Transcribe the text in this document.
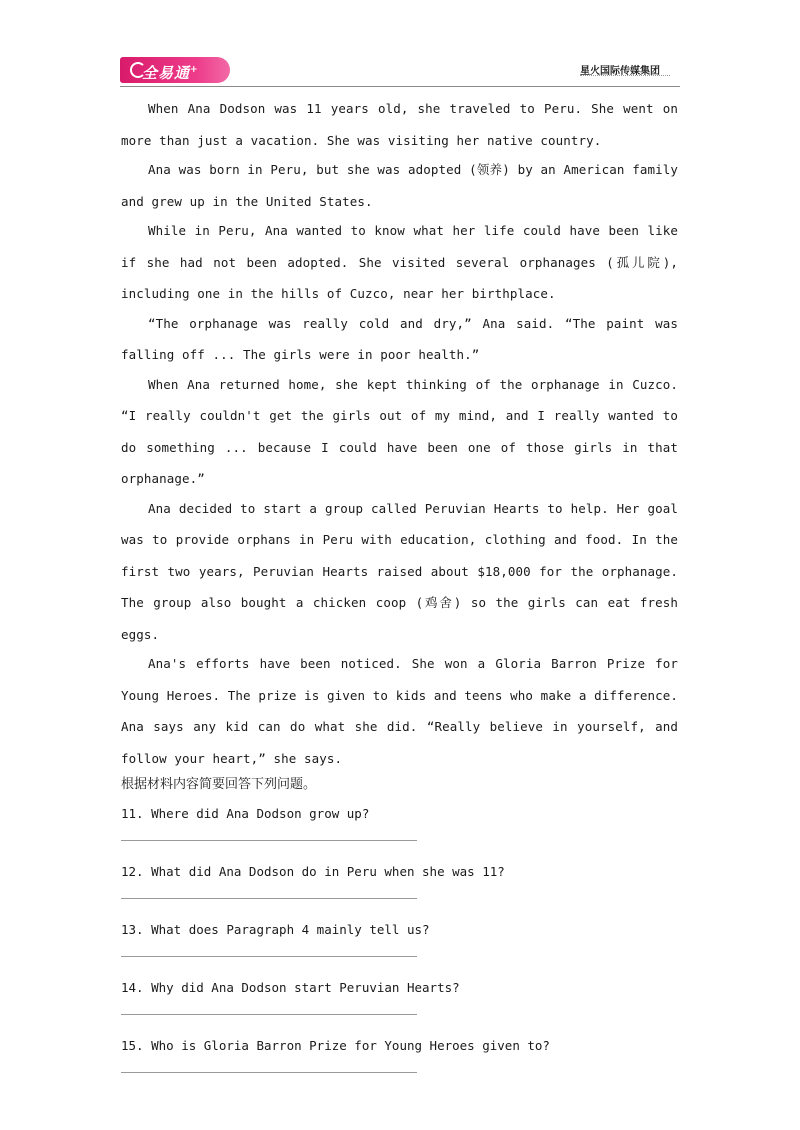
全易通+	星火国际传媒集团

When Ana Dodson was 11 years old, she traveled to Peru. She went on more than just a vacation. She was visiting her native country.

Ana was born in Peru, but she was adopted (领养) by an American family and grew up in the United States.

While in Peru, Ana wanted to know what her life could have been like if she had not been adopted. She visited several orphanages (孤儿院), including one in the hills of Cuzco, near her birthplace.

“The orphanage was really cold and dry,” Ana said. “The paint was falling off ... The girls were in poor health.”

When Ana returned home, she kept thinking of the orphanage in Cuzco. “I really couldn't get the girls out of my mind, and I really wanted to do something ... because I could have been one of those girls in that orphanage.”

Ana decided to start a group called Peruvian Hearts to help. Her goal was to provide orphans in Peru with education, clothing and food. In the first two years, Peruvian Hearts raised about $18,000 for the orphanage. The group also bought a chicken coop (鸡舍) so the girls can eat fresh eggs.

Ana's efforts have been noticed. She won a Gloria Barron Prize for Young Heroes. The prize is given to kids and teens who make a difference. Ana says any kid can do what she did. “Really believe in yourself, and follow your heart,” she says.

根据材料内容简要回答下列问题。
11. Where did Ana Dodson grow up?
12. What did Ana Dodson do in Peru when she was 11?
13. What does Paragraph 4 mainly tell us?
14. Why did Ana Dodson start Peruvian Hearts?
15. Who is Gloria Barron Prize for Young Heroes given to?
